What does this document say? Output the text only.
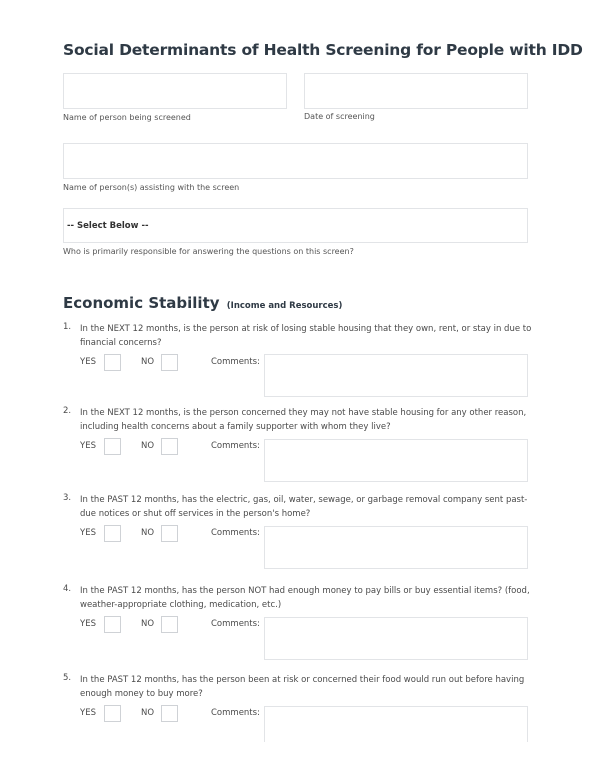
Social Determinants of Health Screening for People with IDD
Name of person being screened	Date of screening
Name of person(s) assisting with the screen
-- Select Below --
Who is primarily responsible for answering the questions on this screen?
Economic Stability (Income and Resources)
1. In the NEXT 12 months, is the person at risk of losing stable housing that they own, rent, or stay in due to financial concerns?
YES	NO	Comments:
2. In the NEXT 12 months, is the person concerned they may not have stable housing for any other reason, including health concerns about a family supporter with whom they live?
YES	NO	Comments:
3. In the PAST 12 months, has the electric, gas, oil, water, sewage, or garbage removal company sent past-due notices or shut off services in the person's home?
YES	NO	Comments:
4. In the PAST 12 months, has the person NOT had enough money to pay bills or buy essential items? (food, weather-appropriate clothing, medication, etc.)
YES	NO	Comments:
5. In the PAST 12 months, has the person been at risk or concerned their food would run out before having enough money to buy more?
YES	NO	Comments:
